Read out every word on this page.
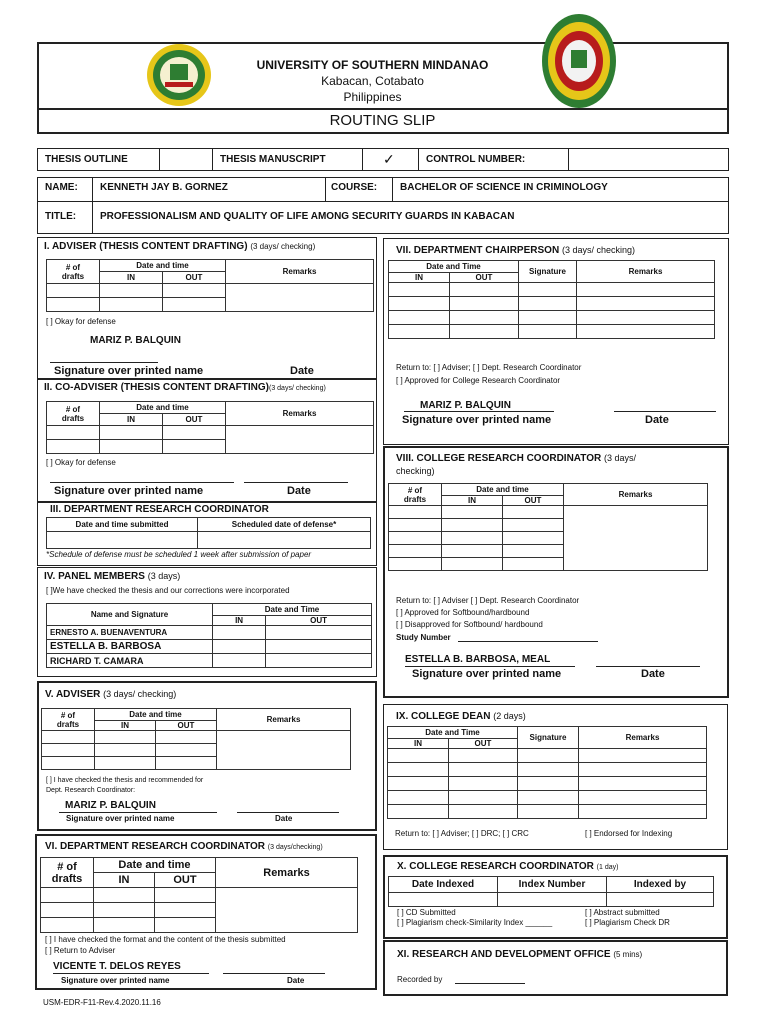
UNIVERSITY OF SOUTHERN MINDANAO
Kabacan, Cotabato
Philippines
ROUTING SLIP
THESIS OUTLINE	THESIS MANUSCRIPT	✓	CONTROL NUMBER:
NAME: KENNETH JAY B. GORNEZ	COURSE: BACHELOR OF SCIENCE IN CRIMINOLOGY
TITLE: PROFESSIONALISM AND QUALITY OF LIFE AMONG SECURITY GUARDS IN KABACAN
I. ADVISER (THESIS CONTENT DRAFTING) (3 days/ checking)
# of
drafts	Date and time		Remarks
	IN	OUT	

[ ] Okay for defense
MARIZ P. BALQUIN
Signature over printed name	Date
II. CO-ADVISER (THESIS CONTENT DRAFTING)(3 days/ checking)
# of
drafts	Date and time		Remarks
	IN	OUT	

[ ] Okay for defense
Signature over printed name	Date
III. DEPARTMENT RESEARCH COORDINATOR
Date and time submitted	Scheduled date of defense*

*Schedule of defense must be scheduled 1 week after submission of paper
IV. PANEL MEMBERS (3 days)
[ ]We have checked the thesis and our corrections were incorporated
Name and Signature	Date and Time	
	IN	OUT
ERNESTO A. BUENAVENTURA		
ESTELLA B. BARBOSA		
RICHARD T. CAMARA		
V. ADVISER (3 days/ checking)
# of
drafts	Date and time		Remarks
	IN	OUT	

[ ] I have checked the thesis and recommended for
Dept. Research Coordinator:
MARIZ P. BALQUIN
Signature over printed name	Date
VI. DEPARTMENT RESEARCH COORDINATOR (3 days/checking)
# of
drafts	Date and time		Remarks
	IN	OUT	

[ ] I have checked the format and the content of the thesis submitted
[ ] Return to Adviser
VICENTE T. DELOS REYES
Signature over printed name	Date
VII. DEPARTMENT CHAIRPERSON (3 days/ checking)
Date and Time		Signature	Remarks
IN	OUT		

Return to: [ ] Adviser; [ ] Dept. Research Coordinator
[ ] Approved for College Research Coordinator
MARIZ P. BALQUIN
Signature over printed name	Date
VIII. COLLEGE RESEARCH COORDINATOR (3 days/
checking)
# of
drafts	Date and time		Remarks
	IN	OUT	

Return to: [ ] Adviser [ ] Dept. Research Coordinator
[ ] Approved for Softbound/hardbound
[ ] Disapproved for Softbound/ hardbound
Study Number
ESTELLA B. BARBOSA, MEAL
Signature over printed name	Date
IX. COLLEGE DEAN (2 days)
Date and Time		Signature	Remarks
IN	OUT		

Return to: [ ] Adviser; [ ] DRC; [ ] CRC	[ ] Endorsed for Indexing
X. COLLEGE RESEARCH COORDINATOR (1 day)
Date Indexed	Index Number	Indexed by

[ ] CD Submitted	[ ] Abstract submitted
[ ] Plagiarism check-Similarity Index ______	[ ] Plagiarism Check DR
XI. RESEARCH AND DEVELOPMENT OFFICE (5 mins)
Recorded by
USM-EDR-F11-Rev.4.2020.11.16
